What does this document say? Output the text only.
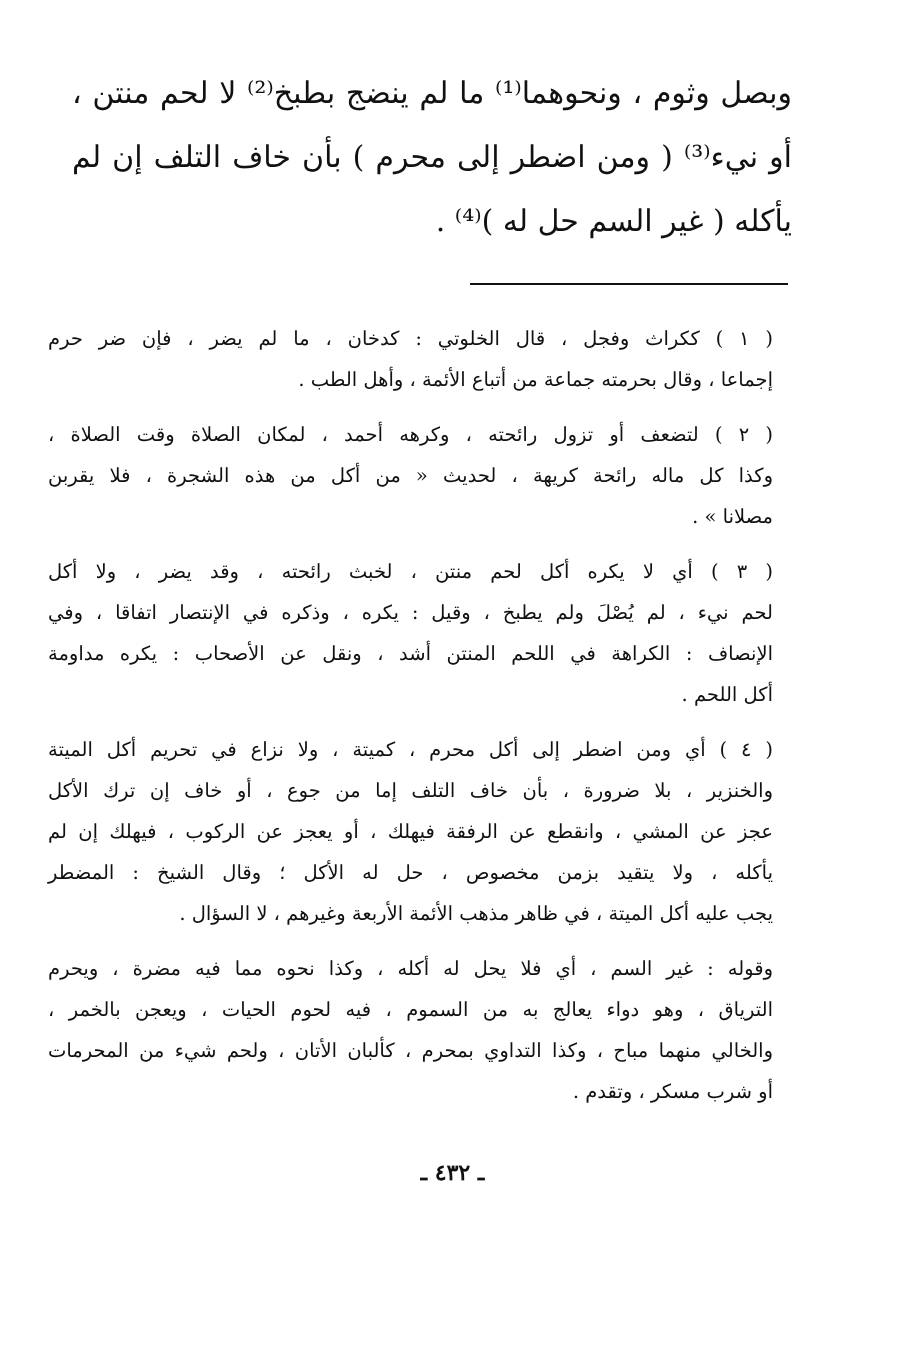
وبصل وثوم ، ونحوهما⁽¹⁾ ما لم ينضج بطبخ⁽²⁾ لا لحم منتن ،
أو نيء⁽³⁾ ( ومن اضطر إلى محرم ) بأن خاف التلف إن لم
يأكله ( غير السم حل له )⁽⁴⁾ .
( ١ ) ككراث وفجل ، قال الخلوتي : كدخان ، ما لم يضر ، فإن ضر حرم
إجماعا ، وقال بحرمته جماعة من أتباع الأئمة ، وأهل الطب .
( ٢ ) لتضعف أو تزول رائحته ، وكرهه أحمد ، لمكان الصلاة وقت الصلاة ،
وكذا كل ماله رائحة كريهة ، لحديث « من أكل من هذه الشجرة ، فلا يقربن
مصلانا » .
( ٣ ) أي لا يكره أكل لحم منتن ، لخبث رائحته ، وقد يضر ، ولا أكل
لحم نيء ، لم يُصْلَ ولم يطبخ ، وقيل : يكره ، وذكره في الإنتصار اتفاقا ، وفي
الإنصاف : الكراهة في اللحم المنتن أشد ، ونقل عن الأصحاب : يكره مداومة
أكل اللحم .
( ٤ ) أي ومن اضطر إلى أكل محرم ، كميتة ، ولا نزاع في تحريم أكل الميتة
والخنزير ، بلا ضرورة ، بأن خاف التلف إما من جوع ، أو خاف إن ترك الأكل
عجز عن المشي ، وانقطع عن الرفقة فيهلك ، أو يعجز عن الركوب ، فيهلك إن لم
يأكله ، ولا يتقيد بزمن مخصوص ، حل له الأكل ؛ وقال الشيخ : المضطر
يجب عليه أكل الميتة ، في ظاهر مذهب الأئمة الأربعة وغيرهم ، لا السؤال .
وقوله : غير السم ، أي فلا يحل له أكله ، وكذا نحوه مما فيه مضرة ، ويحرم
الترياق ، وهو دواء يعالج به من السموم ، فيه لحوم الحيات ، ويعجن بالخمر ،
والخالي منهما مباح ، وكذا التداوي بمحرم ، كألبان الأتان ، ولحم شيء من المحرمات
أو شرب مسكر ، وتقدم .
ـ ٤٣٢ ـ
